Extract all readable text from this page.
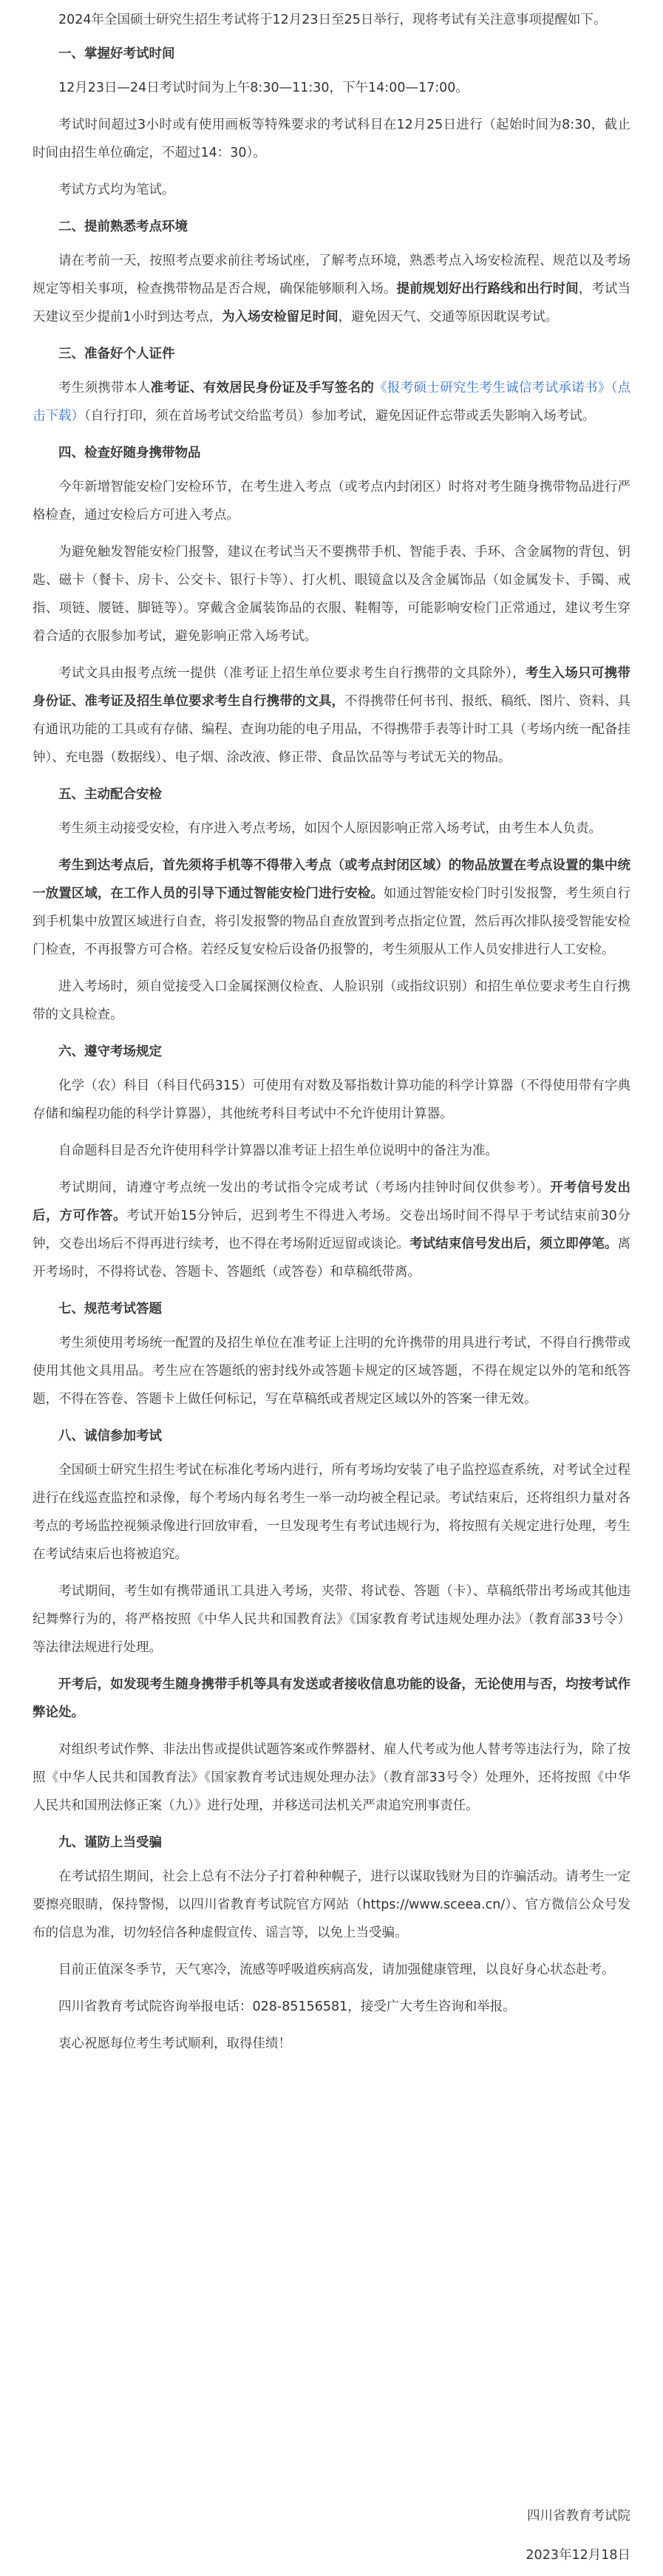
2024年全国硕士研究生招生考试将于12月23日至25日举行，现将考试有关注意事项提醒如下。

一、掌握好考试时间

12月23日—24日考试时间为上午8:30—11:30，下午14:00—17:00。

考试时间超过3小时或有使用画板等特殊要求的考试科目在12月25日进行（起始时间为8:30，截止时间由招生单位确定，不超过14：30）。

考试方式均为笔试。

二、提前熟悉考点环境

请在考前一天，按照考点要求前往考场试座，了解考点环境，熟悉考点入场安检流程、规范以及考场规定等相关事项，检查携带物品是否合规，确保能够顺利入场。提前规划好出行路线和出行时间，考试当天建议至少提前1小时到达考点，为入场安检留足时间，避免因天气、交通等原因耽误考试。

三、准备好个人证件

考生须携带本人准考证、有效居民身份证及手写签名的《报考硕士研究生考生诚信考试承诺书》（点击下载）（自行打印，须在首场考试交给监考员）参加考试，避免因证件忘带或丢失影响入场考试。

四、检查好随身携带物品

今年新增智能安检门安检环节，在考生进入考点（或考点内封闭区）时将对考生随身携带物品进行严格检查，通过安检后方可进入考点。

为避免触发智能安检门报警，建议在考试当天不要携带手机、智能手表、手环、含金属物的背包、钥匙、磁卡（餐卡、房卡、公交卡、银行卡等）、打火机、眼镜盒以及含金属饰品（如金属发卡、手镯、戒指、项链、腰链、脚链等）。穿戴含金属装饰品的衣服、鞋帽等，可能影响安检门正常通过，建议考生穿着合适的衣服参加考试，避免影响正常入场考试。

考试文具由报考点统一提供（准考证上招生单位要求考生自行携带的文具除外），考生入场只可携带身份证、准考证及招生单位要求考生自行携带的文具，不得携带任何书刊、报纸、稿纸、图片、资料、具有通讯功能的工具或有存储、编程、查询功能的电子用品，不得携带手表等计时工具（考场内统一配备挂钟）、充电器（数据线）、电子烟、涂改液、修正带、食品饮品等与考试无关的物品。

五、主动配合安检

考生须主动接受安检，有序进入考点考场，如因个人原因影响正常入场考试，由考生本人负责。

考生到达考点后，首先须将手机等不得带入考点（或考点封闭区域）的物品放置在考点设置的集中统一放置区域，在工作人员的引导下通过智能安检门进行安检。如通过智能安检门时引发报警，考生须自行到手机集中放置区域进行自查，将引发报警的物品自查放置到考点指定位置，然后再次排队接受智能安检门检查，不再报警方可合格。若经反复安检后设备仍报警的，考生须服从工作人员安排进行人工安检。

进入考场时，须自觉接受入口金属探测仪检查、人脸识别（或指纹识别）和招生单位要求考生自行携带的文具检查。

六、遵守考场规定

化学（农）科目（科目代码315）可使用有对数及幂指数计算功能的科学计算器（不得使用带有字典存储和编程功能的科学计算器），其他统考科目考试中不允许使用计算器。

自命题科目是否允许使用科学计算器以准考证上招生单位说明中的备注为准。

考试期间，请遵守考点统一发出的考试指令完成考试（考场内挂钟时间仅供参考）。开考信号发出后，方可作答。考试开始15分钟后，迟到考生不得进入考场。交卷出场时间不得早于考试结束前30分钟，交卷出场后不得再进行续考，也不得在考场附近逗留或谈论。考试结束信号发出后，须立即停笔。离开考场时，不得将试卷、答题卡、答题纸（或答卷）和草稿纸带离。

七、规范考试答题

考生须使用考场统一配置的及招生单位在准考证上注明的允许携带的用具进行考试，不得自行携带或使用其他文具用品。考生应在答题纸的密封线外或答题卡规定的区域答题，不得在规定以外的笔和纸答题，不得在答卷、答题卡上做任何标记，写在草稿纸或者规定区域以外的答案一律无效。

八、诚信参加考试

全国硕士研究生招生考试在标准化考场内进行，所有考场均安装了电子监控巡查系统，对考试全过程进行在线巡查监控和录像，每个考场内每名考生一举一动均被全程记录。考试结束后，还将组织力量对各考点的考场监控视频录像进行回放审看，一旦发现考生有考试违规行为，将按照有关规定进行处理，考生在考试结束后也将被追究。

考试期间，考生如有携带通讯工具进入考场，夹带、将试卷、答题（卡）、草稿纸带出考场或其他违纪舞弊行为的，将严格按照《中华人民共和国教育法》《国家教育考试违规处理办法》（教育部33号令）等法律法规进行处理。

开考后，如发现考生随身携带手机等具有发送或者接收信息功能的设备，无论使用与否，均按考试作弊论处。

对组织考试作弊、非法出售或提供试题答案或作弊器材、雇人代考或为他人替考等违法行为，除了按照《中华人民共和国教育法》《国家教育考试违规处理办法》（教育部33号令）处理外，还将按照《中华人民共和国刑法修正案（九）》进行处理，并移送司法机关严肃追究刑事责任。

九、谨防上当受骗

在考试招生期间，社会上总有不法分子打着种种幌子，进行以谋取钱财为目的诈骗活动。请考生一定要擦亮眼睛，保持警惕，以四川省教育考试院官方网站（https://www.sceea.cn/）、官方微信公众号发布的信息为准，切勿轻信各种虚假宣传、谣言等，以免上当受骗。

目前正值深冬季节，天气寒冷，流感等呼吸道疾病高发，请加强健康管理，以良好身心状态赴考。

四川省教育考试院咨询举报电话：028-85156581，接受广大考生咨询和举报。

衷心祝愿每位考生考试顺利，取得佳绩！

四川省教育考试院
2023年12月18日
